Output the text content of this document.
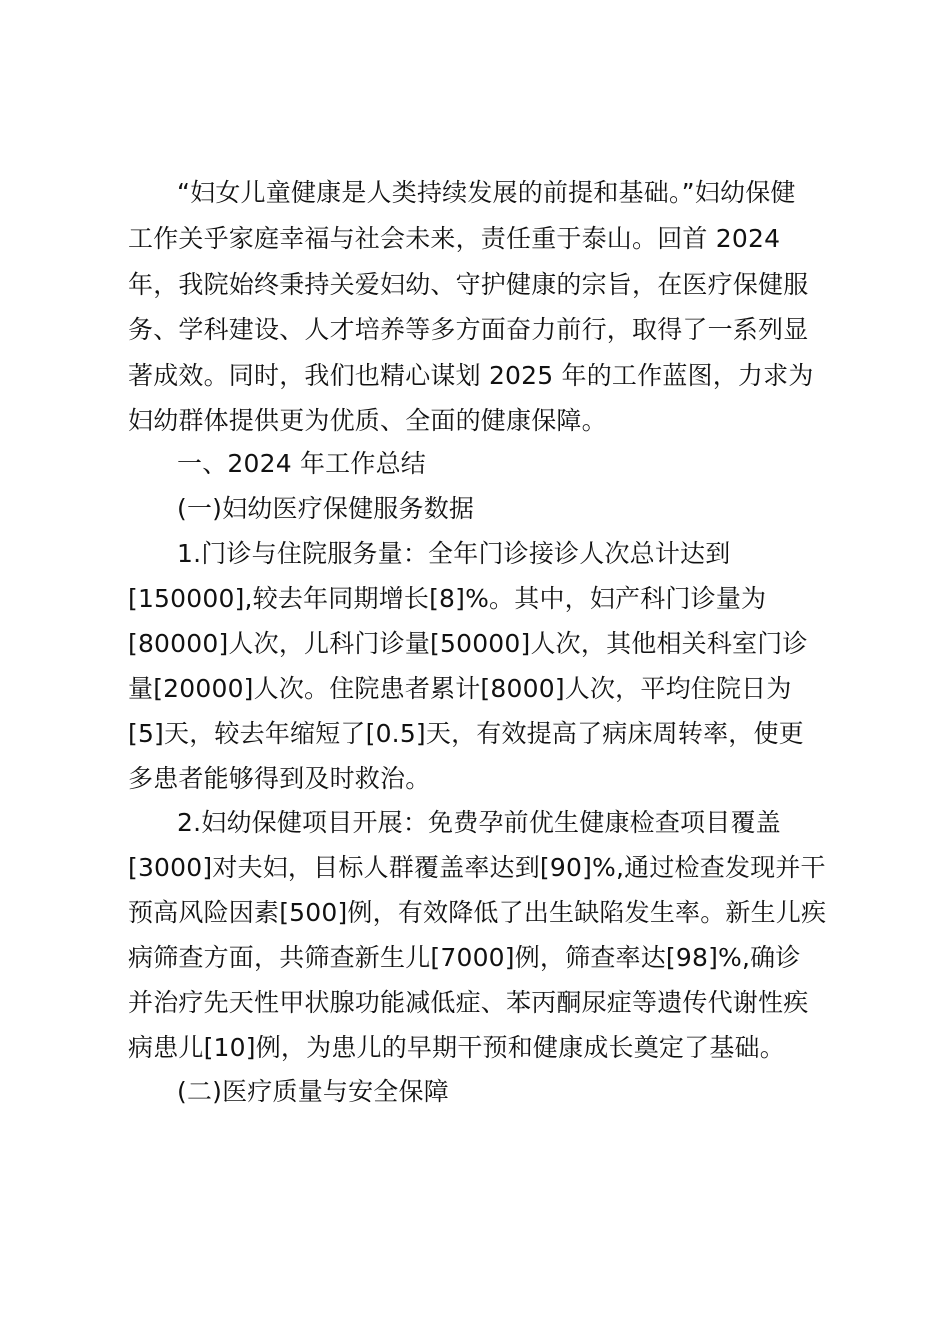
“妇女儿童健康是人类持续发展的前提和基础。”妇幼保健
工作关乎家庭幸福与社会未来，责任重于泰山。回首 2024
年，我院始终秉持关爱妇幼、守护健康的宗旨，在医疗保健服
务、学科建设、人才培养等多方面奋力前行，取得了一系列显
著成效。同时，我们也精心谋划 2025 年的工作蓝图，力求为
妇幼群体提供更为优质、全面的健康保障。
一、2024 年工作总结
(一)妇幼医疗保健服务数据
1.门诊与住院服务量：全年门诊接诊人次总计达到
[150000],较去年同期增长[8]%。其中，妇产科门诊量为
[80000]人次，儿科门诊量[50000]人次，其他相关科室门诊
量[20000]人次。住院患者累计[8000]人次，平均住院日为
[5]天，较去年缩短了[0.5]天，有效提高了病床周转率，使更
多患者能够得到及时救治。
2.妇幼保健项目开展：免费孕前优生健康检查项目覆盖
[3000]对夫妇，目标人群覆盖率达到[90]%,通过检查发现并干
预高风险因素[500]例，有效降低了出生缺陷发生率。新生儿疾
病筛查方面，共筛查新生儿[7000]例，筛查率达[98]%,确诊
并治疗先天性甲状腺功能减低症、苯丙酮尿症等遗传代谢性疾
病患儿[10]例，为患儿的早期干预和健康成长奠定了基础。
(二)医疗质量与安全保障
